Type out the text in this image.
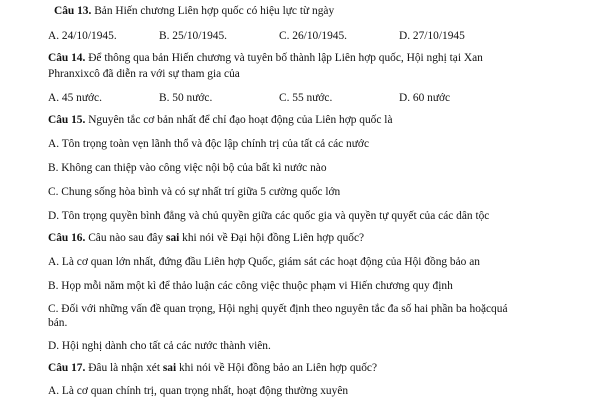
Câu 13. Bản Hiến chương Liên hợp quốc có hiệu lực từ ngày
A. 24/10/1945.	B. 25/10/1945.	C. 26/10/1945.	D. 27/10/1945
Câu 14. Để thông qua bản Hiến chương và tuyên bố thành lập Liên hợp quốc, Hội nghị tại Xan
Phranxixcô đã diễn ra với sự tham gia của
A. 45 nước.	B. 50 nước.	C. 55 nước.	D. 60 nước
Câu 15. Nguyên tắc cơ bản nhất để chỉ đạo hoạt động của Liên hợp quốc là
A. Tôn trọng toàn vẹn lãnh thổ và độc lập chính trị của tất cả các nước
B. Không can thiệp vào công việc nội bộ của bất kì nước nào
C. Chung sống hòa bình và có sự nhất trí giữa 5 cường quốc lớn
D. Tôn trọng quyền bình đẳng và chủ quyền giữa các quốc gia và quyền tự quyết của các dân tộc
Câu 16. Câu nào sau đây sai khi nói về Đại hội đồng Liên hợp quốc?
A. Là cơ quan lớn nhất, đứng đầu Liên hợp Quốc, giám sát các hoạt động của Hội đồng bảo an
B. Họp mỗi năm một kì để thảo luận các công việc thuộc phạm vi Hiến chương quy định
C. Đối với những vấn đề quan trọng, Hội nghị quyết định theo nguyên tắc đa số hai phần ba hoặcquá
bán.
D. Hội nghị dành cho tất cả các nước thành viên.
Câu 17. Đâu là nhận xét sai khi nói về Hội đồng bảo an Liên hợp quốc?
A. Là cơ quan chính trị, quan trọng nhất, hoạt động thường xuyên
